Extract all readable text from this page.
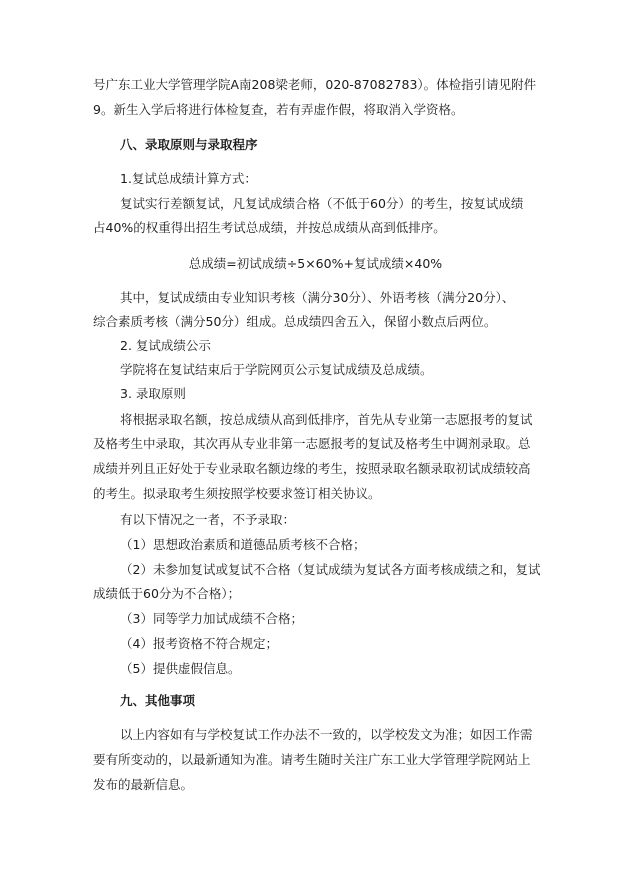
号广东工业大学管理学院A南208梁老师，020-87082783）。体检指引请见附件
9。新生入学后将进行体检复查，若有弄虚作假，将取消入学资格。
八、录取原则与录取程序
1.复试总成绩计算方式：
复试实行差额复试，凡复试成绩合格（不低于60分）的考生，按复试成绩
占40%的权重得出招生考试总成绩，并按总成绩从高到低排序。
总成绩=初试成绩÷5×60%+复试成绩×40%
其中，复试成绩由专业知识考核（满分30分）、外语考核（满分20分）、
综合素质考核（满分50分）组成。总成绩四舍五入，保留小数点后两位。
2. 复试成绩公示
学院将在复试结束后于学院网页公示复试成绩及总成绩。
3. 录取原则
将根据录取名额，按总成绩从高到低排序，首先从专业第一志愿报考的复试
及格考生中录取，其次再从专业非第一志愿报考的复试及格考生中调剂录取。总
成绩并列且正好处于专业录取名额边缘的考生，按照录取名额录取初试成绩较高
的考生。拟录取考生须按照学校要求签订相关协议。
有以下情况之一者，不予录取：
（1）思想政治素质和道德品质考核不合格；
（2）未参加复试或复试不合格（复试成绩为复试各方面考核成绩之和，复试
成绩低于60分为不合格）；
（3）同等学力加试成绩不合格；
（4）报考资格不符合规定；
（5）提供虚假信息。
九、其他事项
以上内容如有与学校复试工作办法不一致的，以学校发文为准；如因工作需
要有所变动的，以最新通知为准。请考生随时关注广东工业大学管理学院网站上
发布的最新信息。
